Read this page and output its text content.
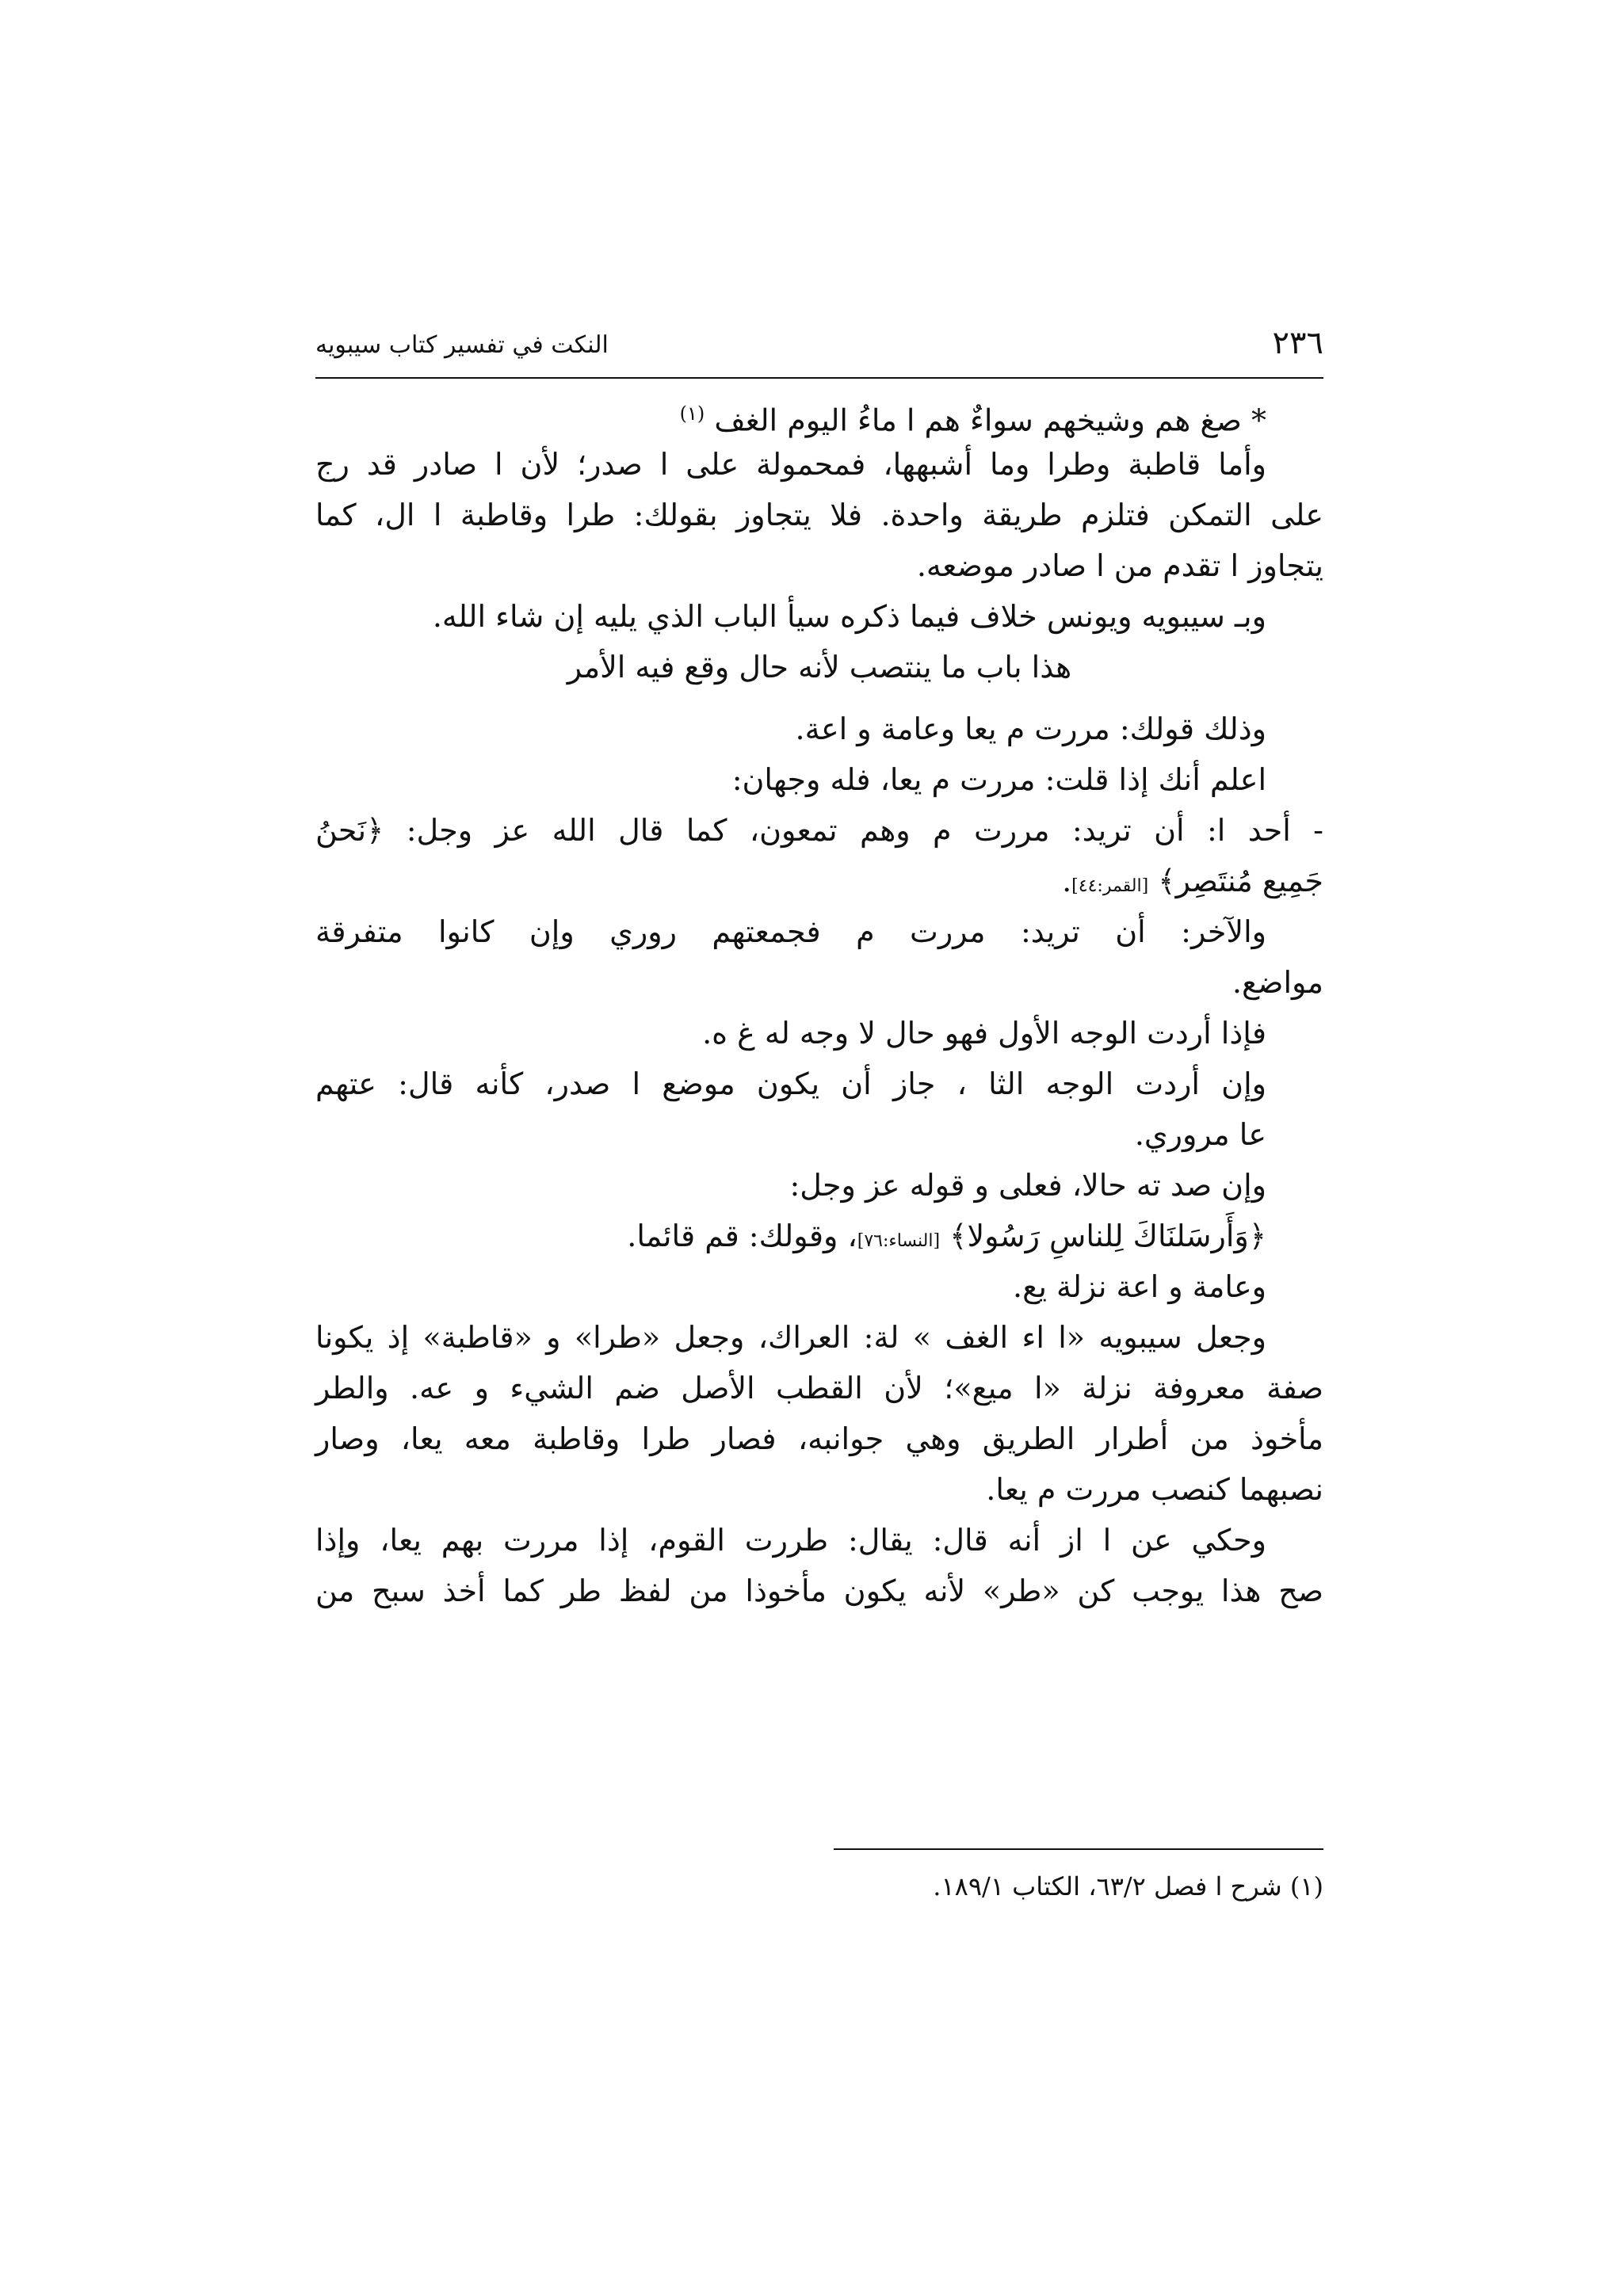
النكت في تفسير كتاب سيبويه	٢٣٦
* صغ هم وشيخهم سواءٌ هم ا ماءُ اليوم الغف $^{(١)}$
وأما قاطبة وطرا وما أشبهها، فمحمولة على ا صدر؛ لأن ا صادر قد رج
على التمكن فتلزم طريقة واحدة. فلا يتجاوز بقولك: طرا وقاطبة ا ال، كما
يتجاوز ا تقدم من ا صادر موضعه.
وبـ سيبويه ويونس خلاف فيما ذكره سيأ الباب الذي يليه إن شاء الله.
هذا باب ما ينتصب لأنه حال وقع فيه الأمر
وذلك قولك: مررت م يعا وعامة و اعة.
اعلم أنك إذا قلت: مررت م يعا، فله وجهان:
- أحد ا: أن تريد: مررت م وهم تمعون، كما قال الله عز وجل: ﴿نَحنُ
جَمِيع مُنتَصِر﴾ [القمر:٤٤].
والآخر: أن تريد: مررت م فجمعتهم روري وإن كانوا متفرقة
مواضع.
فإذا أردت الوجه الأول فهو حال لا وجه له غ ه.
وإن أردت الوجه الثا ، جاز أن يكون موضع ا صدر، كأنه قال: عتهم
عا مروري.
وإن صد ته حالا، فعلى و قوله عز وجل:
﴿وَأَرسَلنَاكَ لِلناسِ رَسُولا﴾ [النساء:٧٦]، وقولك: قم قائما.
وعامة و اعة نزلة يع.
وجعل سيبويه «ا اء الغف » لة: العراك، وجعل «طرا» و «قاطبة» إذ يكونا
صفة معروفة نزلة «ا ميع»؛ لأن القطب الأصل ضم الشيء و عه. والطر
مأخوذ من أطرار الطريق وهي جوانبه، فصار طرا وقاطبة معه يعا، وصار
نصبهما كنصب مررت م يعا.
وحكي عن ا از أنه قال: يقال: طررت القوم، إذا مررت بهم يعا، وإذا
صح هذا يوجب كن «طر» لأنه يكون مأخوذا من لفظ طر كما أخذ سبح من
(١) شرح ا فصل ٦٣/٢، الكتاب ١٨٩/١.
